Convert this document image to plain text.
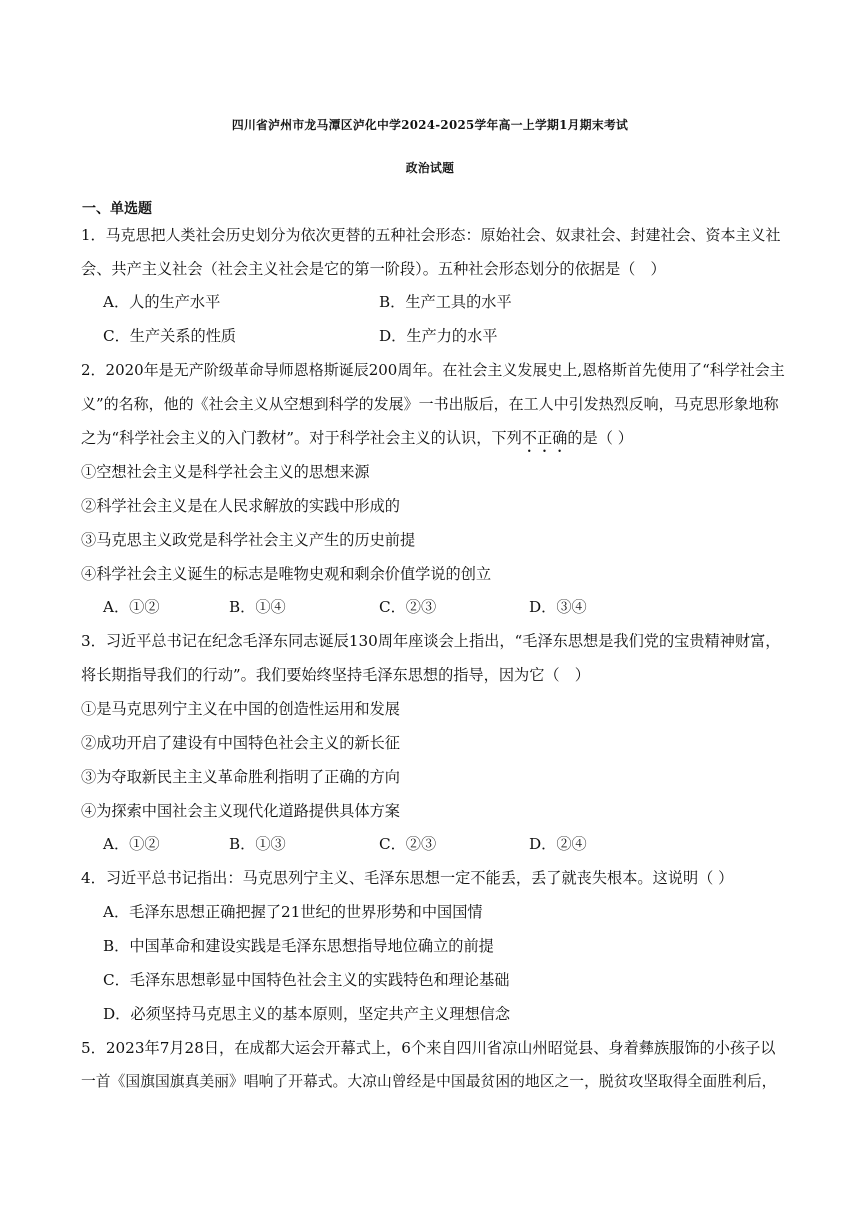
四川省泸州市龙马潭区泸化中学2024-2025学年高一上学期1月期末考试
政治试题
一、单选题
1．马克思把人类社会历史划分为依次更替的五种社会形态：原始社会、奴隶社会、封建社会、资本主义社
会、共产主义社会（社会主义社会是它的第一阶段）。五种社会形态划分的依据是（　）
A．人的生产水平	B．生产工具的水平
C．生产关系的性质	D．生产力的水平
2．2020年是无产阶级革命导师恩格斯诞辰200周年。在社会主义发展史上,恩格斯首先使用了“科学社会主
义”的名称，他的《社会主义从空想到科学的发展》一书出版后，在工人中引发热烈反响，马克思形象地称
之为“科学社会主义的入门教材”。对于科学社会主义的认识，下列不正确的是（ ）
①空想社会主义是科学社会主义的思想来源
②科学社会主义是在人民求解放的实践中形成的
③马克思主义政党是科学社会主义产生的历史前提
④科学社会主义诞生的标志是唯物史观和剩余价值学说的创立
A．①②	B．①④	C．②③	D．③④
3．习近平总书记在纪念毛泽东同志诞辰130周年座谈会上指出，“毛泽东思想是我们党的宝贵精神财富，
将长期指导我们的行动”。我们要始终坚持毛泽东思想的指导，因为它（　）
①是马克思列宁主义在中国的创造性运用和发展
②成功开启了建设有中国特色社会主义的新长征
③为夺取新民主主义革命胜利指明了正确的方向
④为探索中国社会主义现代化道路提供具体方案
A．①②	B．①③	C．②③	D．②④
4．习近平总书记指出：马克思列宁主义、毛泽东思想一定不能丢，丢了就丧失根本。这说明（ ）
A．毛泽东思想正确把握了21世纪的世界形势和中国国情
B．中国革命和建设实践是毛泽东思想指导地位确立的前提
C．毛泽东思想彰显中国特色社会主义的实践特色和理论基础
D．必须坚持马克思主义的基本原则，坚定共产主义理想信念
5．2023年7月28日，在成都大运会开幕式上，6个来自四川省凉山州昭觉县、身着彝族服饰的小孩子以
一首《国旗国旗真美丽》唱响了开幕式。大凉山曾经是中国最贫困的地区之一，脱贫攻坚取得全面胜利后，
